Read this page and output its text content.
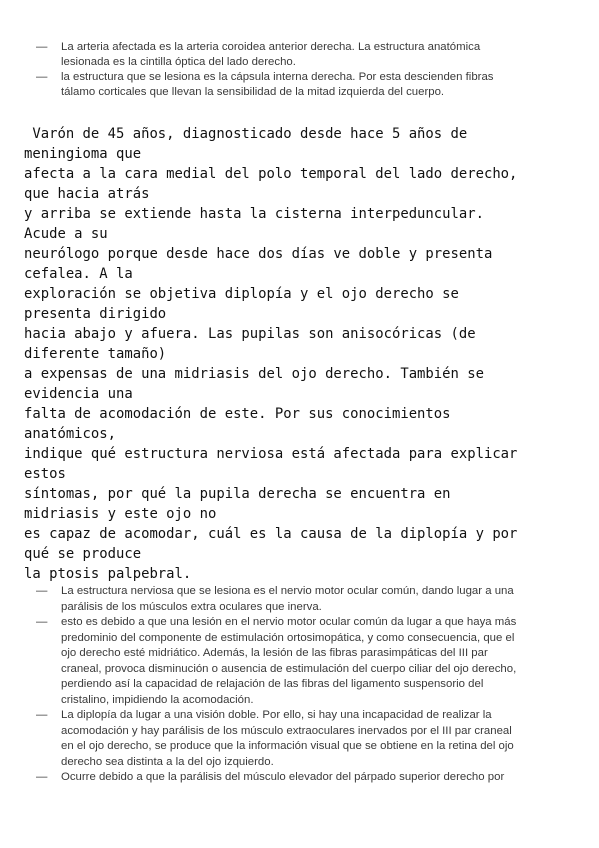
— La arteria afectada es la arteria coroidea anterior derecha. La estructura anatómica
lesionada es la cintilla óptica del lado derecho.
— la estructura que se lesiona es la cápsula interna derecha. Por esta descienden fibras
tálamo corticales que llevan la sensibilidad de la mitad izquierda del cuerpo.
Varón de 45 años, diagnosticado desde hace 5 años de
meningioma que
afecta a la cara medial del polo temporal del lado derecho,
que hacia atrás
y arriba se extiende hasta la cisterna interpeduncular.
Acude a su
neurólogo porque desde hace dos días ve doble y presenta
cefalea. A la
exploración se objetiva diplopía y el ojo derecho se
presenta dirigido
hacia abajo y afuera. Las pupilas son anisocóricas (de
diferente tamaño)
a expensas de una midriasis del ojo derecho. También se
evidencia una
falta de acomodación de este. Por sus conocimientos
anatómicos,
indique qué estructura nerviosa está afectada para explicar
estos
síntomas, por qué la pupila derecha se encuentra en
midriasis y este ojo no
es capaz de acomodar, cuál es la causa de la diplopía y por
qué se produce
la ptosis palpebral.
— La estructura nerviosa que se lesiona es el nervio motor ocular común, dando lugar a una
parálisis de los músculos extra oculares que inerva.
— esto es debido a que una lesión en el nervio motor ocular común da lugar a que haya más
predominio del componente de estimulación ortosimopática, y como consecuencia, que el
ojo derecho esté midriático. Además, la lesión de las fibras parasimpáticas del III par
craneal, provoca disminución o ausencia de estimulación del cuerpo ciliar del ojo derecho,
perdiendo así la capacidad de relajación de las fibras del ligamento suspensorio del
cristalino, impidiendo la acomodación.
— La diplopía da lugar a una visión doble. Por ello, si hay una incapacidad de realizar la
acomodación y hay parálisis de los músculo extraoculares inervados por el III par craneal
en el ojo derecho, se produce que la información visual que se obtiene en la retina del ojo
derecho sea distinta a la del ojo izquierdo.
— Ocurre debido a que la parálisis del músculo elevador del párpado superior derecho por
